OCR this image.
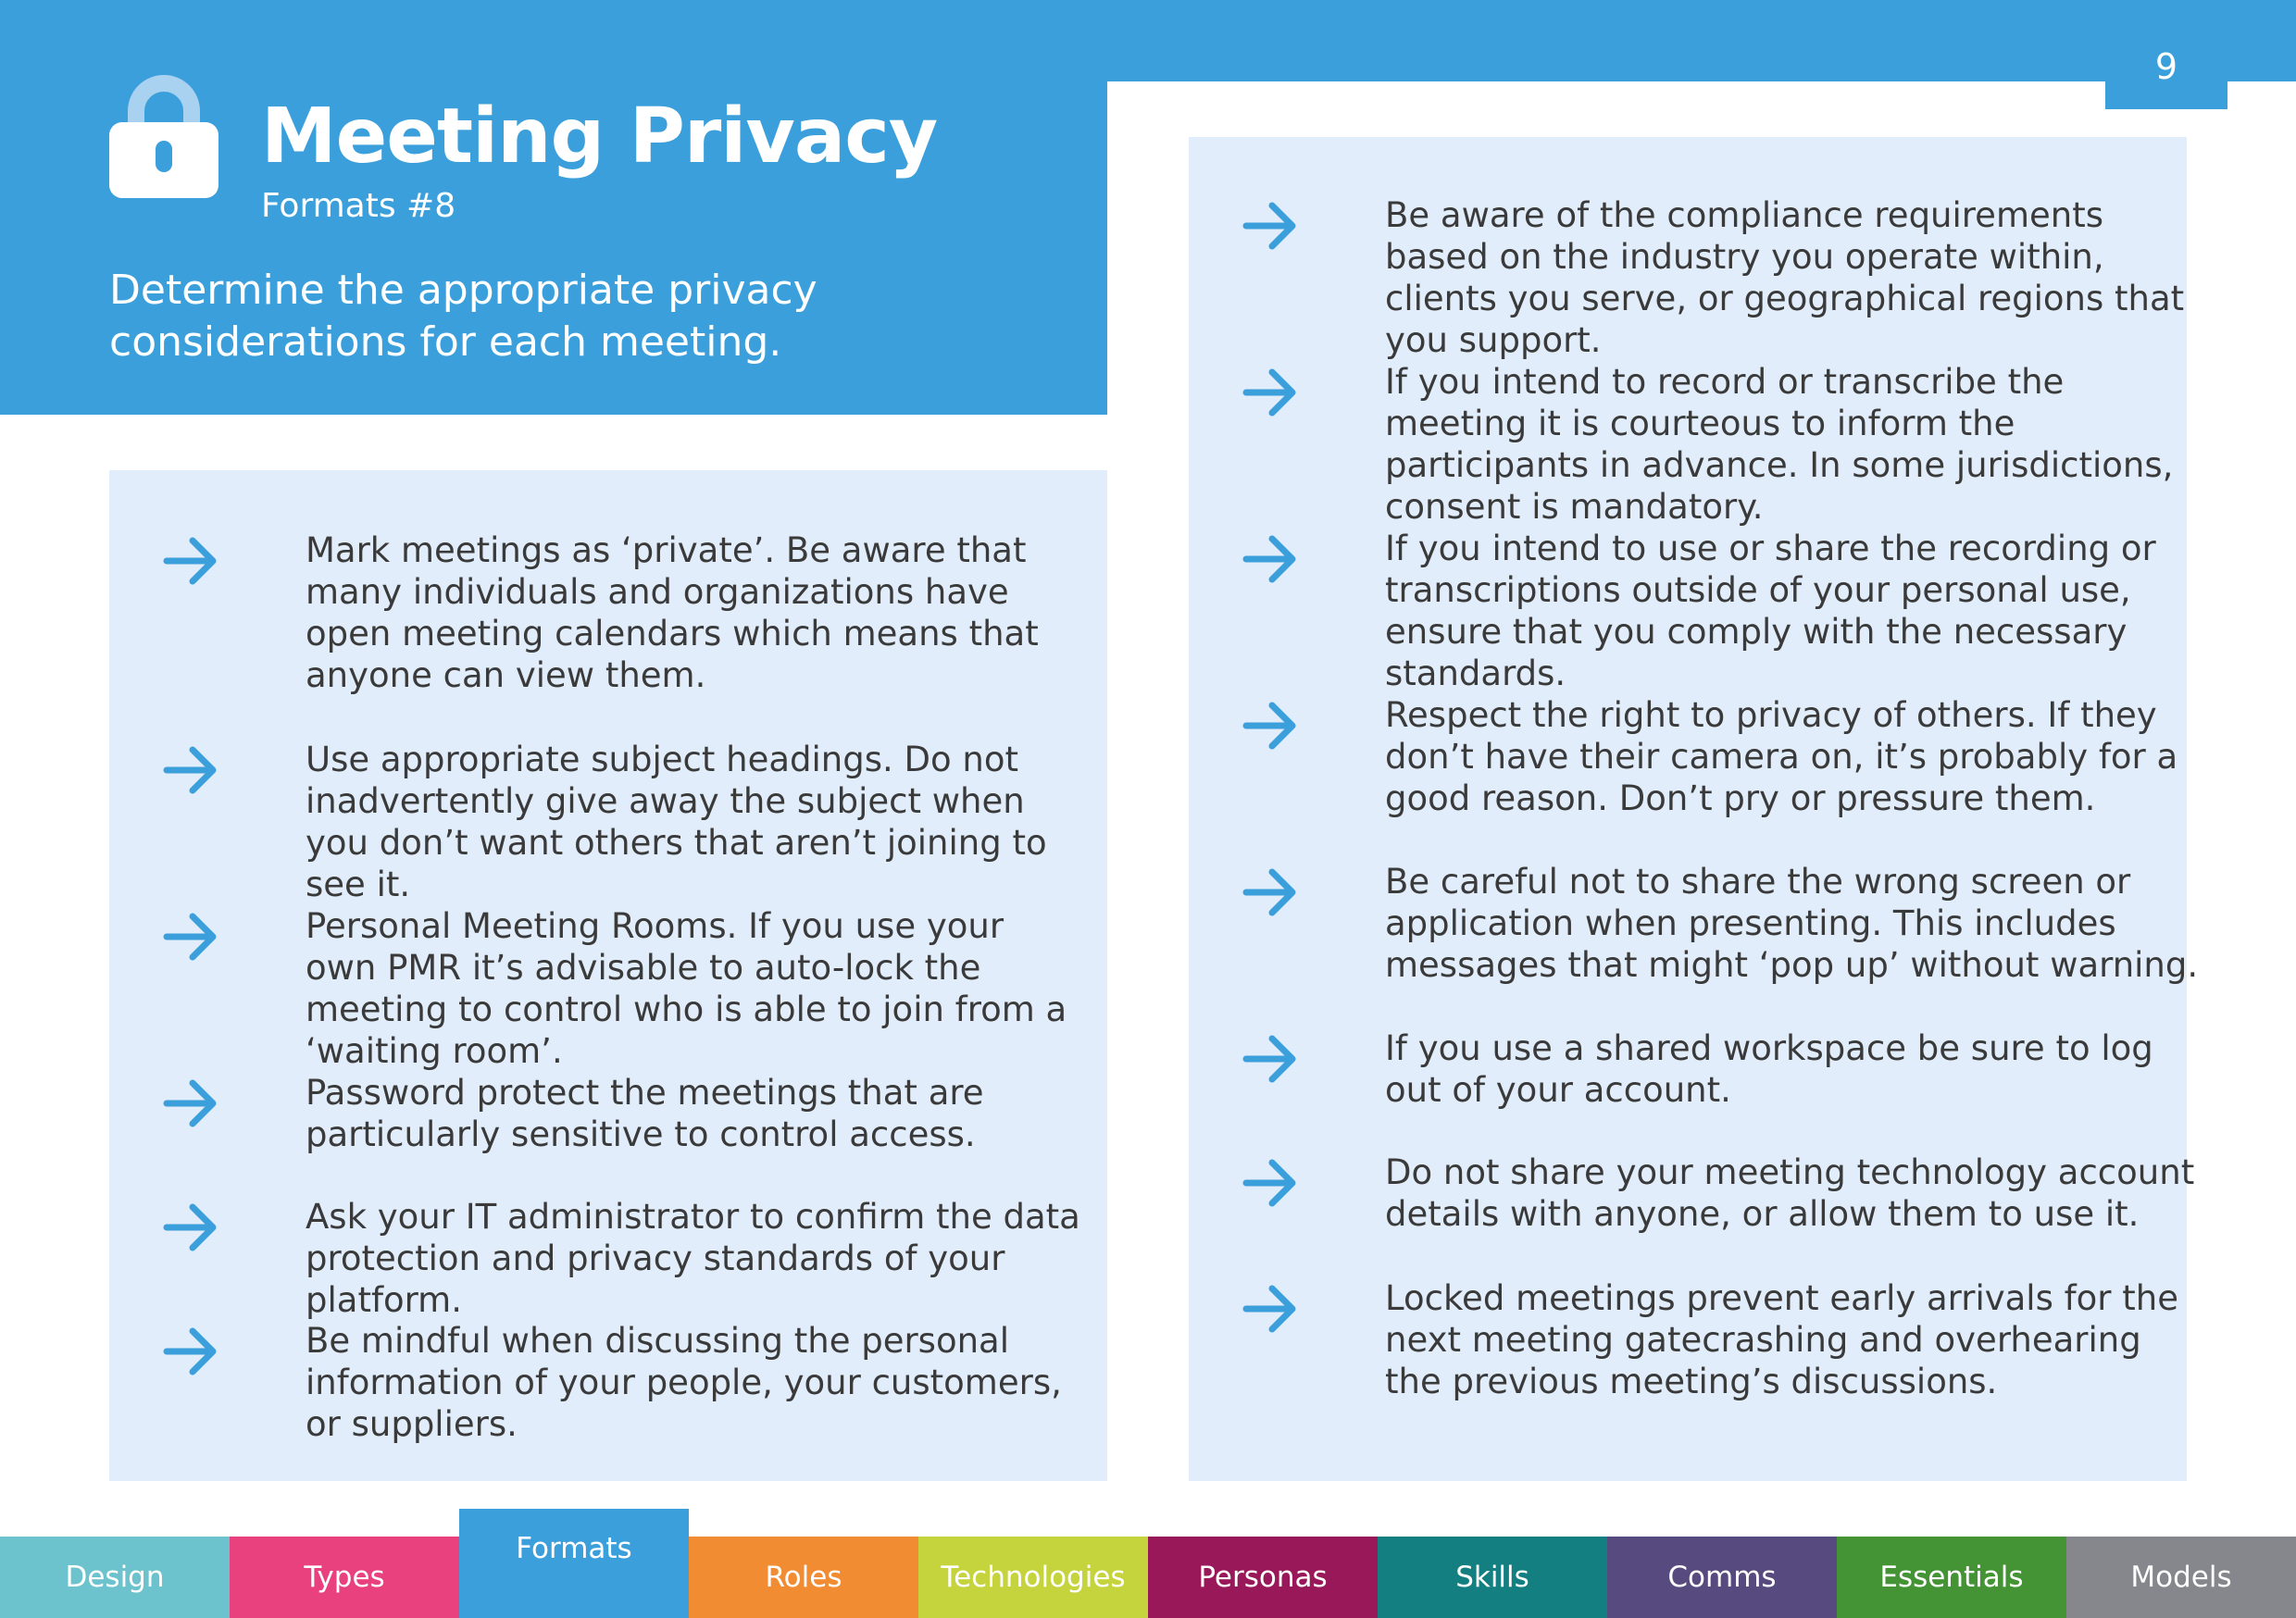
9
Meeting Privacy
Formats #8
Determine the appropriate privacy considerations for each meeting.
Mark meetings as ‘private’. Be aware that many individuals and organizations have open meeting calendars which means that anyone can view them.
Use appropriate subject headings. Do not inadvertently give away the subject when you don’t want others that aren’t joining to see it.
Personal Meeting Rooms. If you use your own PMR it’s advisable to auto-lock the meeting to control who is able to join from a ‘waiting room’.
Password protect the meetings that are particularly sensitive to control access.
Ask your IT administrator to confirm the data protection and privacy standards of your platform.
Be mindful when discussing the personal information of your people, your customers, or suppliers.
Be aware of the compliance requirements based on the industry you operate within, clients you serve, or geographical regions that you support.
If you intend to record or transcribe the meeting it is courteous to inform the participants in advance. In some jurisdictions, consent is mandatory.
If you intend to use or share the recording or transcriptions outside of your personal use, ensure that you comply with the necessary standards.
Respect the right to privacy of others. If they don’t have their camera on, it’s probably for a good reason. Don’t pry or pressure them.
Be careful not to share the wrong screen or application when presenting. This includes messages that might ‘pop up’ without warning.
If you use a shared workspace be sure to log out of your account.
Do not share your meeting technology account details with anyone, or allow them to use it.
Locked meetings prevent early arrivals for the next meeting gatecrashing and overhearing the previous meeting’s discussions.
Design	Types
Formats
Roles	Technologies	Personas	Skills	Comms	Essentials	Models
